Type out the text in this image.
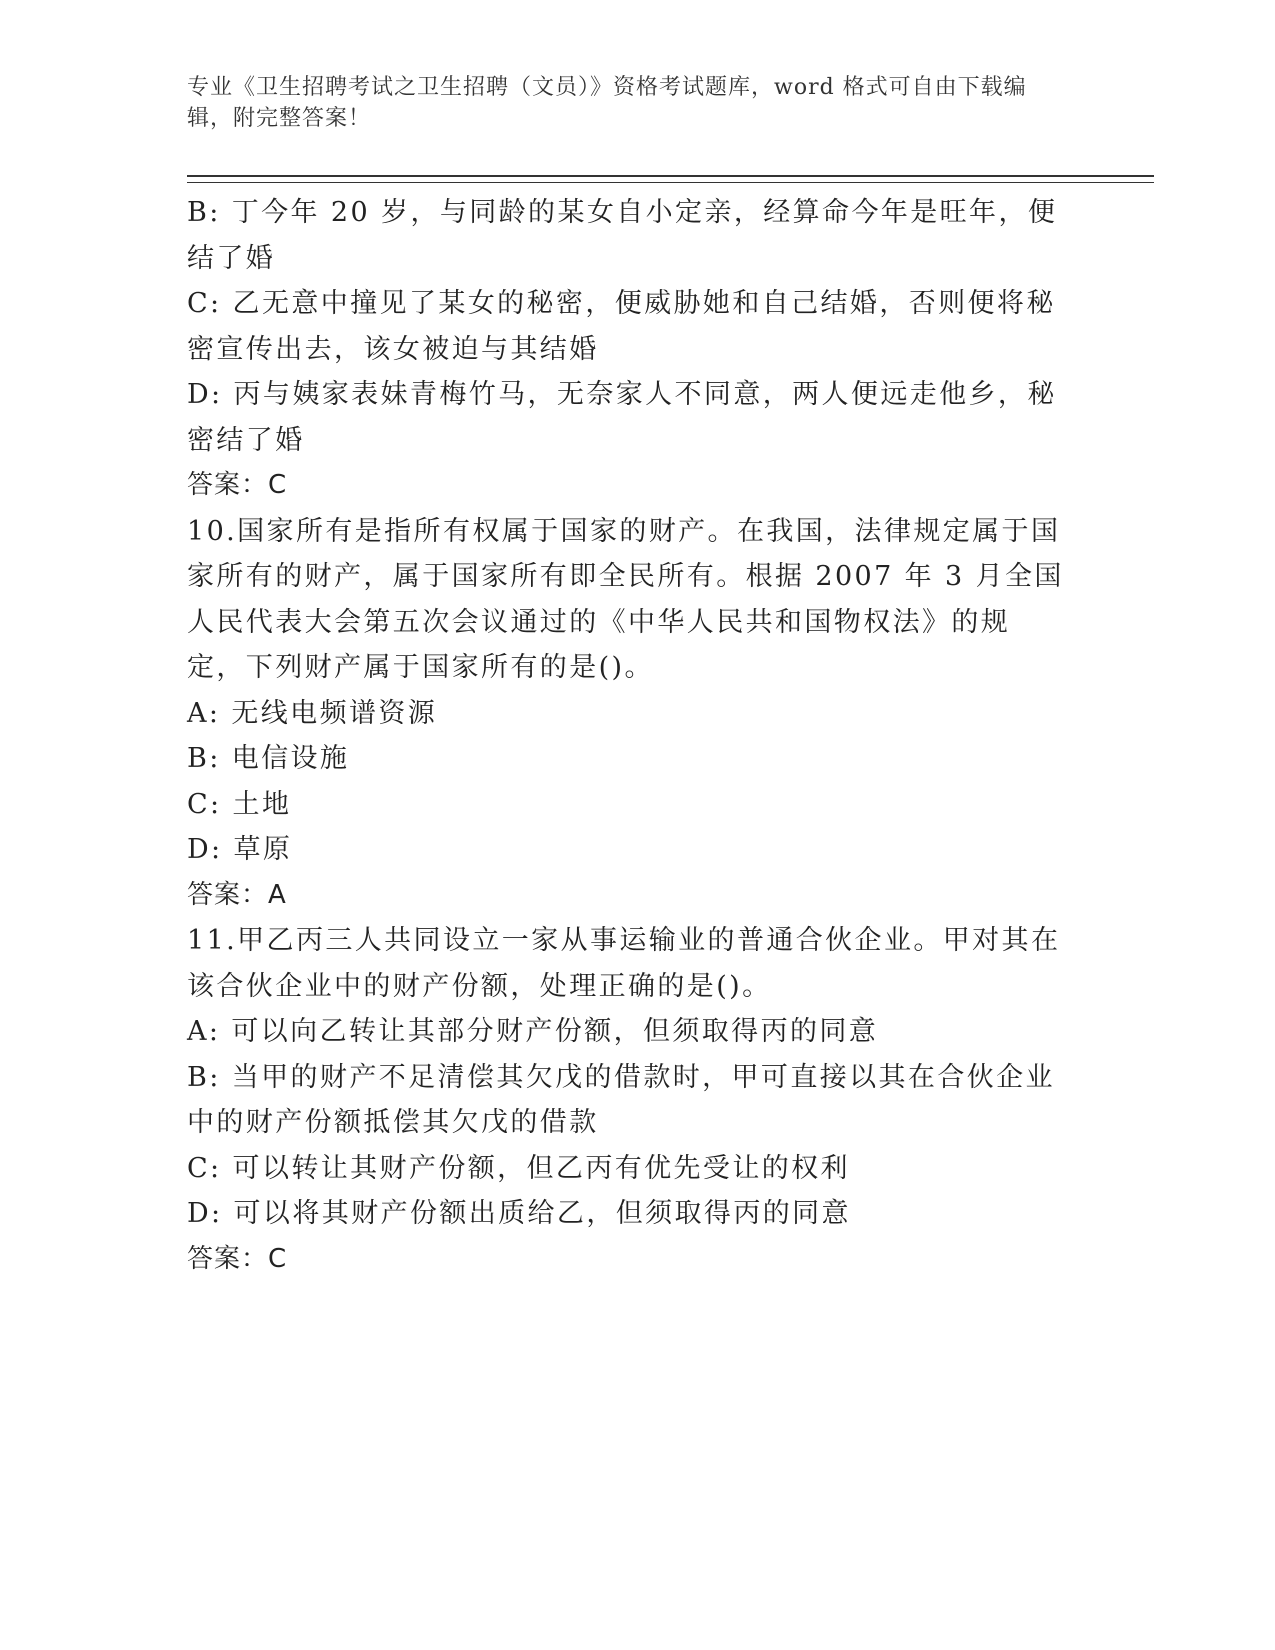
专业《卫生招聘考试之卫生招聘（文员）》资格考试题库，word 格式可自由下载编辑，附完整答案！
B: 丁今年 20 岁，与同龄的某女自小定亲，经算命今年是旺年，便结了婚
C: 乙无意中撞见了某女的秘密，便威胁她和自己结婚，否则便将秘密宣传出去，该女被迫与其结婚
D: 丙与姨家表妹青梅竹马，无奈家人不同意，两人便远走他乡，秘密结了婚
答案：C
10.国家所有是指所有权属于国家的财产。在我国，法律规定属于国家所有的财产，属于国家所有即全民所有。根据 2007 年 3 月全国人民代表大会第五次会议通过的《中华人民共和国物权法》的规定，下列财产属于国家所有的是()。
A: 无线电频谱资源
B: 电信设施
C: 土地
D: 草原
答案：A
11.甲乙丙三人共同设立一家从事运输业的普通合伙企业。甲对其在该合伙企业中的财产份额，处理正确的是()。
A: 可以向乙转让其部分财产份额，但须取得丙的同意
B: 当甲的财产不足清偿其欠戊的借款时，甲可直接以其在合伙企业中的财产份额抵偿其欠戊的借款
C: 可以转让其财产份额，但乙丙有优先受让的权利
D: 可以将其财产份额出质给乙，但须取得丙的同意
答案：C
